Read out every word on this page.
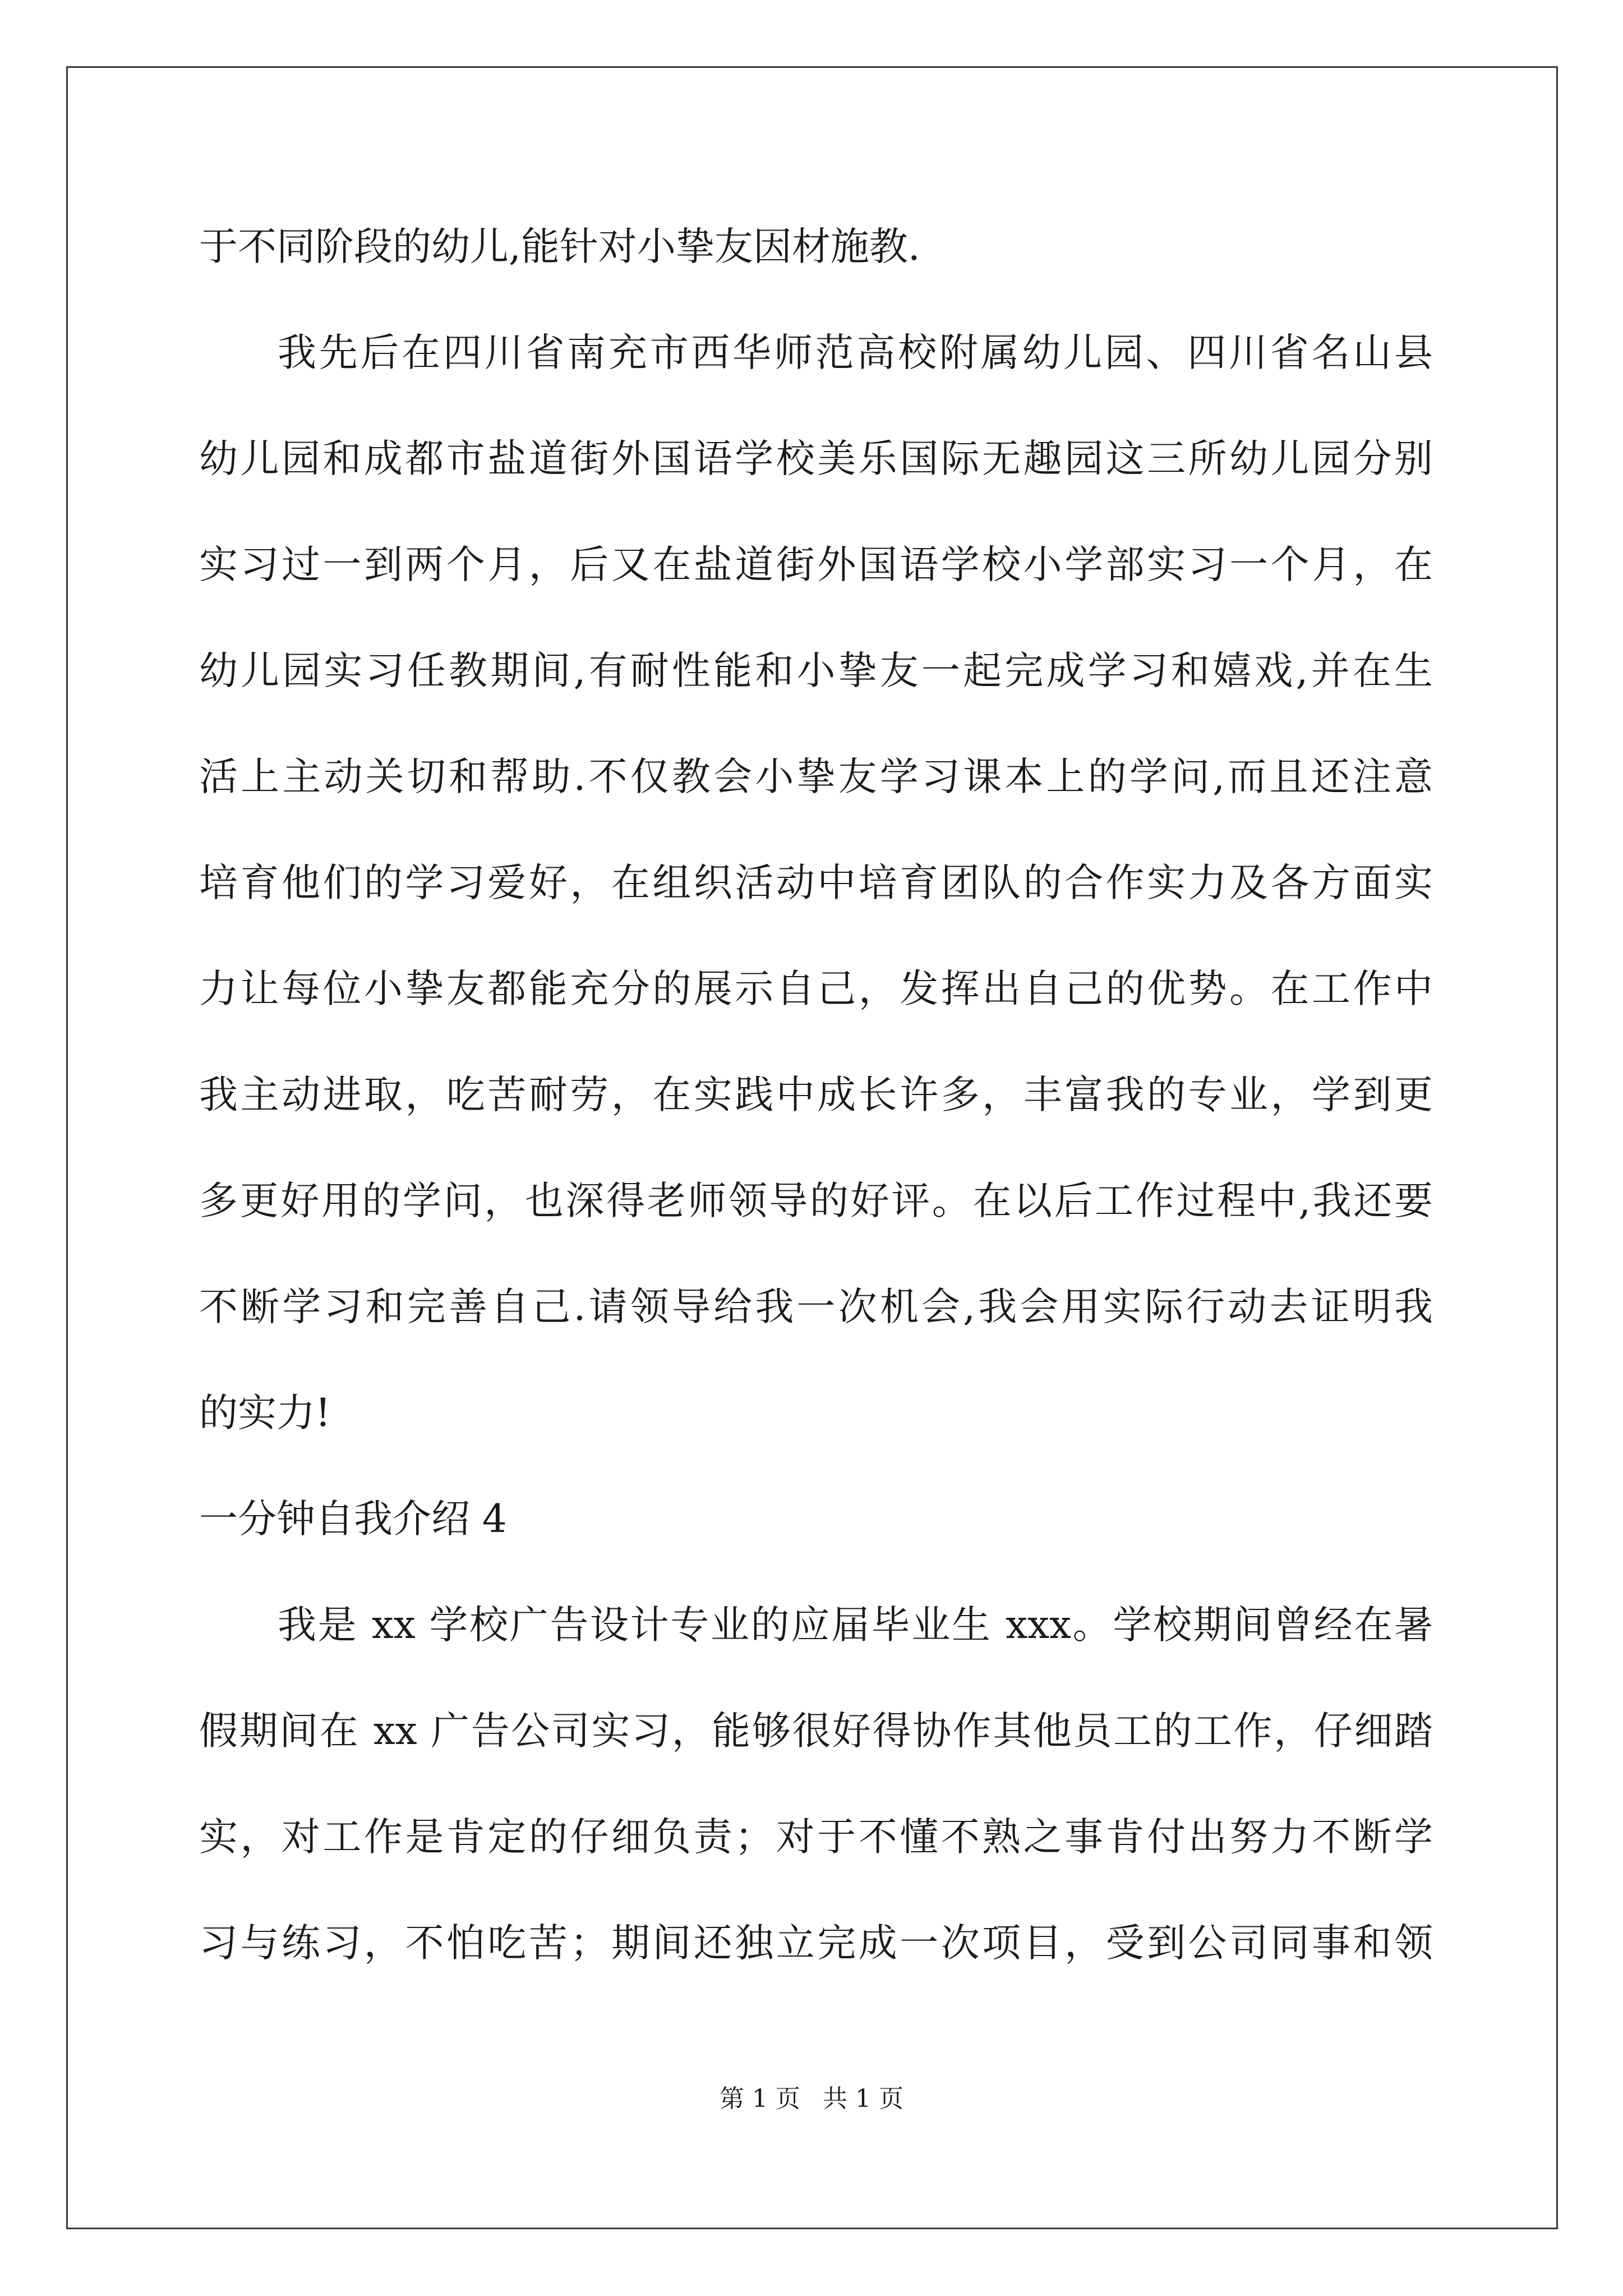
于不同阶段的幼儿,能针对小挚友因材施教.
我先后在四川省南充市西华师范高校附属幼儿园、四川省名山县
幼儿园和成都市盐道街外国语学校美乐国际无趣园这三所幼儿园分别
实习过一到两个月，后又在盐道街外国语学校小学部实习一个月，在
幼儿园实习任教期间,有耐性能和小挚友一起完成学习和嬉戏,并在生
活上主动关切和帮助.不仅教会小挚友学习课本上的学问,而且还注意
培育他们的学习爱好，在组织活动中培育团队的合作实力及各方面实
力让每位小挚友都能充分的展示自己，发挥出自己的优势。在工作中
我主动进取，吃苦耐劳，在实践中成长许多，丰富我的专业，学到更
多更好用的学问，也深得老师领导的好评。在以后工作过程中,我还要
不断学习和完善自己.请领导给我一次机会,我会用实际行动去证明我
的实力!
一分钟自我介绍 4
我是 xx 学校广告设计专业的应届毕业生 xxx。学校期间曾经在暑
假期间在 xx 广告公司实习，能够很好得协作其他员工的工作，仔细踏
实，对工作是肯定的仔细负责；对于不懂不熟之事肯付出努力不断学
习与练习，不怕吃苦；期间还独立完成一次项目，受到公司同事和领
第 1 页 共 1 页
